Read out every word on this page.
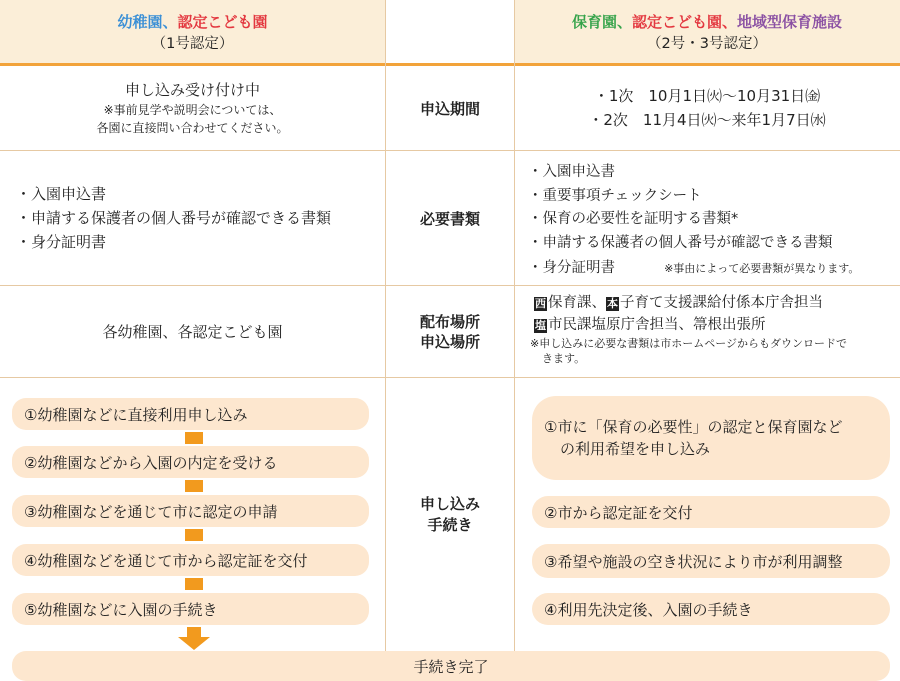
幼稚園、認定こども園
（1号認定）
保育園、認定こども園、地域型保育施設
（2号・3号認定）
申し込み受け付け中
※事前見学や説明会については、
各園に直接問い合わせてください。
申込期間
・1次　10月1日㈫～10月31日㈮
・2次　11月4日㈫～来年1月7日㈬
・入園申込書
・申請する保護者の個人番号が確認できる書類
・身分証明書
必要書類
・入園申込書
・重要事項チェックシート
・保育の必要性を証明する書類*
・申請する保護者の個人番号が確認できる書類
・身分証明書	※事由によって必要書類が異なります。
各幼稚園、各認定こども園
配布場所
申込場所
西 保育課、本 子育て支援課給付係本庁舎担当
塩 市民課塩原庁舎担当、箒根出張所
※申し込みに必要な書類は市ホームページからもダウンロードで
きます。
①幼稚園などに直接利用申し込み
②幼稚園などから入園の内定を受ける
③幼稚園などを通じて市に認定の申請
④幼稚園などを通じて市から認定証を交付
⑤幼稚園などに入園の手続き
申し込み
手続き
①市に「保育の必要性」の認定と保育園など
の利用希望を申し込み
②市から認定証を交付
③希望や施設の空き状況により市が利用調整
④利用先決定後、入園の手続き
手続き完了
